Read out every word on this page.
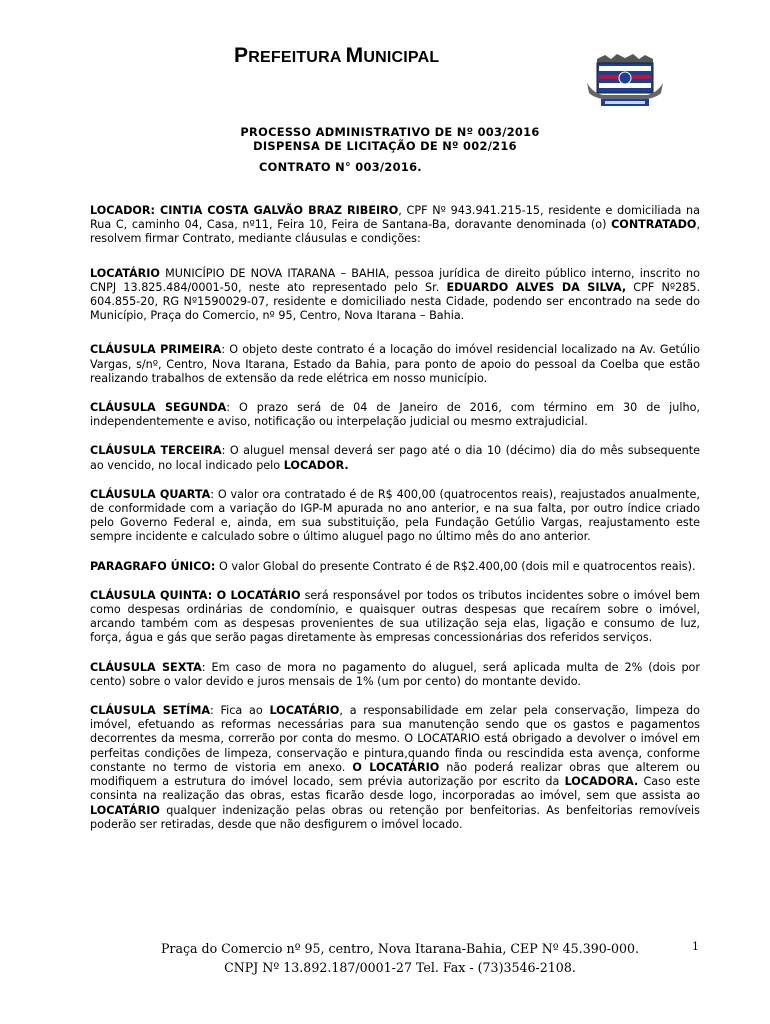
PREFEITURA MUNICIPAL
PROCESSO ADMINISTRATIVO DE Nº 003/2016
DISPENSA DE LICITAÇÃO DE Nº 002/216
CONTRATO N° 003/2016.

LOCADOR: CINTIA COSTA GALVÃO BRAZ RIBEIRO, CPF Nº 943.941.215-15, residente e domiciliada na Rua C, caminho 04, Casa, nº11, Feira 10, Feira de Santana-Ba, doravante denominada (o) CONTRATADO, resolvem firmar Contrato, mediante cláusulas e condições:

LOCATÁRIO MUNICÍPIO DE NOVA ITARANA – BAHIA, pessoa jurídica de direito público interno, inscrito no CNPJ 13.825.484/0001-50, neste ato representado pelo Sr. EDUARDO ALVES DA SILVA, CPF Nº285. 604.855-20, RG Nº1590029-07, residente e domiciliado nesta Cidade, podendo ser encontrado na sede do Município, Praça do Comercio, nº 95, Centro, Nova Itarana – Bahia.

CLÁUSULA PRIMEIRA: O objeto deste contrato é a locação do imóvel residencial localizado na Av. Getúlio Vargas, s/nº, Centro, Nova Itarana, Estado da Bahia, para ponto de apoio do pessoal da Coelba que estão realizando trabalhos de extensão da rede elétrica em nosso município.

CLÁUSULA SEGUNDA: O prazo será de 04 de Janeiro de 2016, com término em 30 de julho, independentemente e aviso, notificação ou interpelação judicial ou mesmo extrajudicial.

CLÁUSULA TERCEIRA: O aluguel mensal deverá ser pago até o dia 10 (décimo) dia do mês subsequente ao vencido, no local indicado pelo LOCADOR.

CLÁUSULA QUARTA: O valor ora contratado é de R$ 400,00 (quatrocentos reais), reajustados anualmente, de conformidade com a variação do IGP-M apurada no ano anterior, e na sua falta, por outro índice criado pelo Governo Federal e, ainda, em sua substituição, pela Fundação Getúlio Vargas, reajustamento este sempre incidente e calculado sobre o último aluguel pago no último mês do ano anterior.

PARAGRAFO ÚNICO: O valor Global do presente Contrato é de R$2.400,00 (dois mil e quatrocentos reais).

CLÁUSULA QUINTA: O LOCATÁRIO será responsável por todos os tributos incidentes sobre o imóvel bem como despesas ordinárias de condomínio, e quaisquer outras despesas que recaírem sobre o imóvel, arcando também com as despesas provenientes de sua utilização seja elas, ligação e consumo de luz, força, água e gás que serão pagas diretamente às empresas concessionárias dos referidos serviços.

CLÁUSULA SEXTA: Em caso de mora no pagamento do aluguel, será aplicada multa de 2% (dois por cento) sobre o valor devido e juros mensais de 1% (um por cento) do montante devido.

CLÁUSULA SETÍMA: Fica ao LOCATÁRIO, a responsabilidade em zelar pela conservação, limpeza do imóvel, efetuando as reformas necessárias para sua manutenção sendo que os gastos e pagamentos decorrentes da mesma, correrão por conta do mesmo. O LOCATARIO está obrigado a devolver o imóvel em perfeitas condições de limpeza, conservação e pintura,quando finda ou rescindida esta avença, conforme constante no termo de vistoria em anexo. O LOCATÁRIO não poderá realizar obras que alterem ou modifiquem a estrutura do imóvel locado, sem prévia autorização por escrito da LOCADORA. Caso este consinta na realização das obras, estas ficarão desde logo, incorporadas ao imóvel, sem que assista ao LOCATÁRIO qualquer indenização pelas obras ou retenção por benfeitorias. As benfeitorias removíveis poderão ser retiradas, desde que não desfigurem o imóvel locado.

Praça do Comercio nº 95, centro, Nova Itarana-Bahia, CEP Nº 45.390-000.
CNPJ Nº 13.892.187/0001-27 Tel. Fax - (73)3546-2108.
1
